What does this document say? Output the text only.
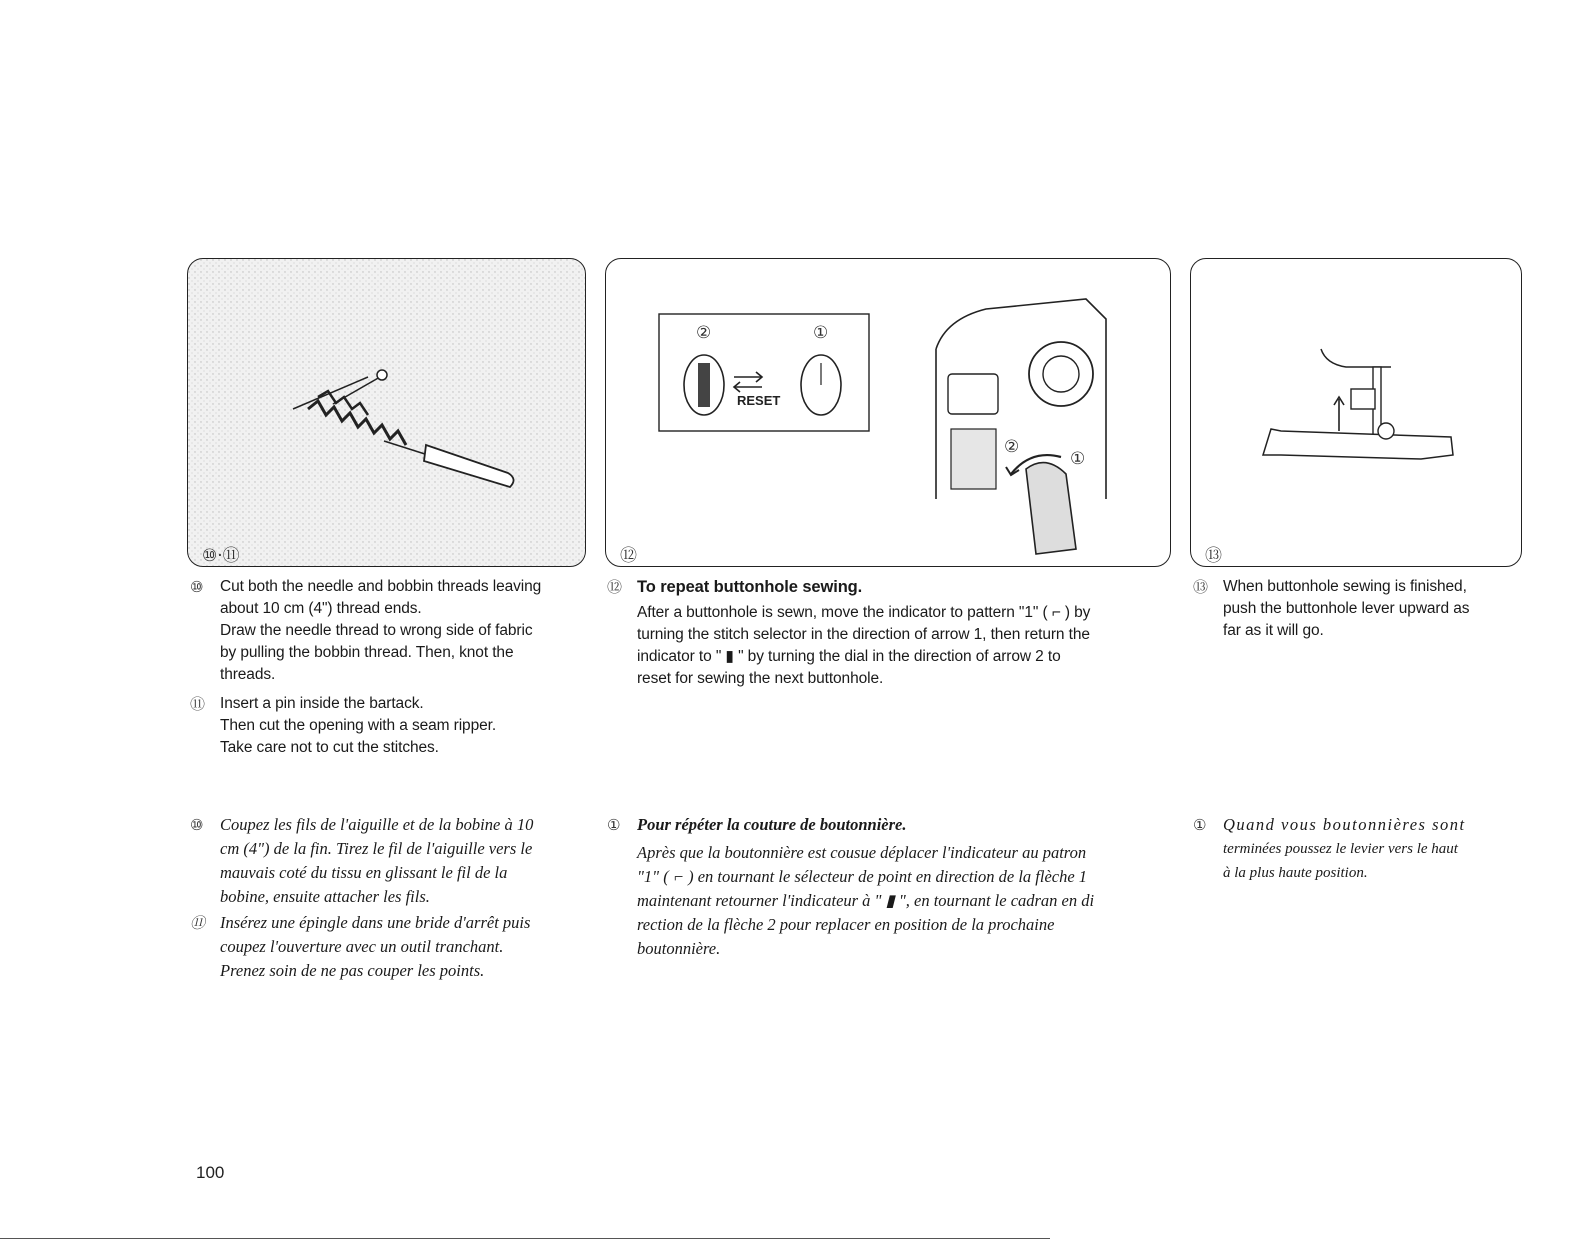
⑩·⑪
②	①
RESET
②
①
⑫	⑬
⑩	Cut both the needle and bobbin threads leaving
about 10 cm (4") thread ends.
Draw the needle thread to wrong side of fabric
by pulling the bobbin thread. Then, knot the
threads.
⑪ Insert a pin inside the bartack.
Then cut the opening with a seam ripper.
Take care not to cut the stitches.
⑫ To repeat buttonhole sewing.
After a buttonhole is sewn, move the indicator to pattern "1" ( ⌐ ) by
turning the stitch selector in the direction of arrow 1, then return the
indicator to " ▮ " by turning the dial in the direction of arrow 2 to
reset for sewing the next buttonhole.
⑬ When buttonhole sewing is finished,
push the buttonhole lever upward as
far as it will go.
⑩	Coupez les fils de l'aiguille et de la bobine à 10
cm (4") de la fin. Tirez le fil de l'aiguille vers le
mauvais coté du tissu en glissant le fil de la
bobine, ensuite attacher les fils.
⑪ Insérez une épingle dans une bride d'arrêt puis
coupez l'ouverture avec un outil tranchant.
Prenez soin de ne pas couper les points.
①	Pour répéter la couture de boutonnière.
Après que la boutonnière est cousue déplacer l'indicateur au patron
"1" ( ⌐ ) en tournant le sélecteur de point en direction de la flèche 1
maintenant retourner l'indicateur à " ▮ ", en tournant le cadran en di
rection de la flèche 2 pour replacer en position de la prochaine
boutonnière.
①	Quand vous boutonnières sont
terminées poussez le levier vers le haut
à la plus haute position.
100
